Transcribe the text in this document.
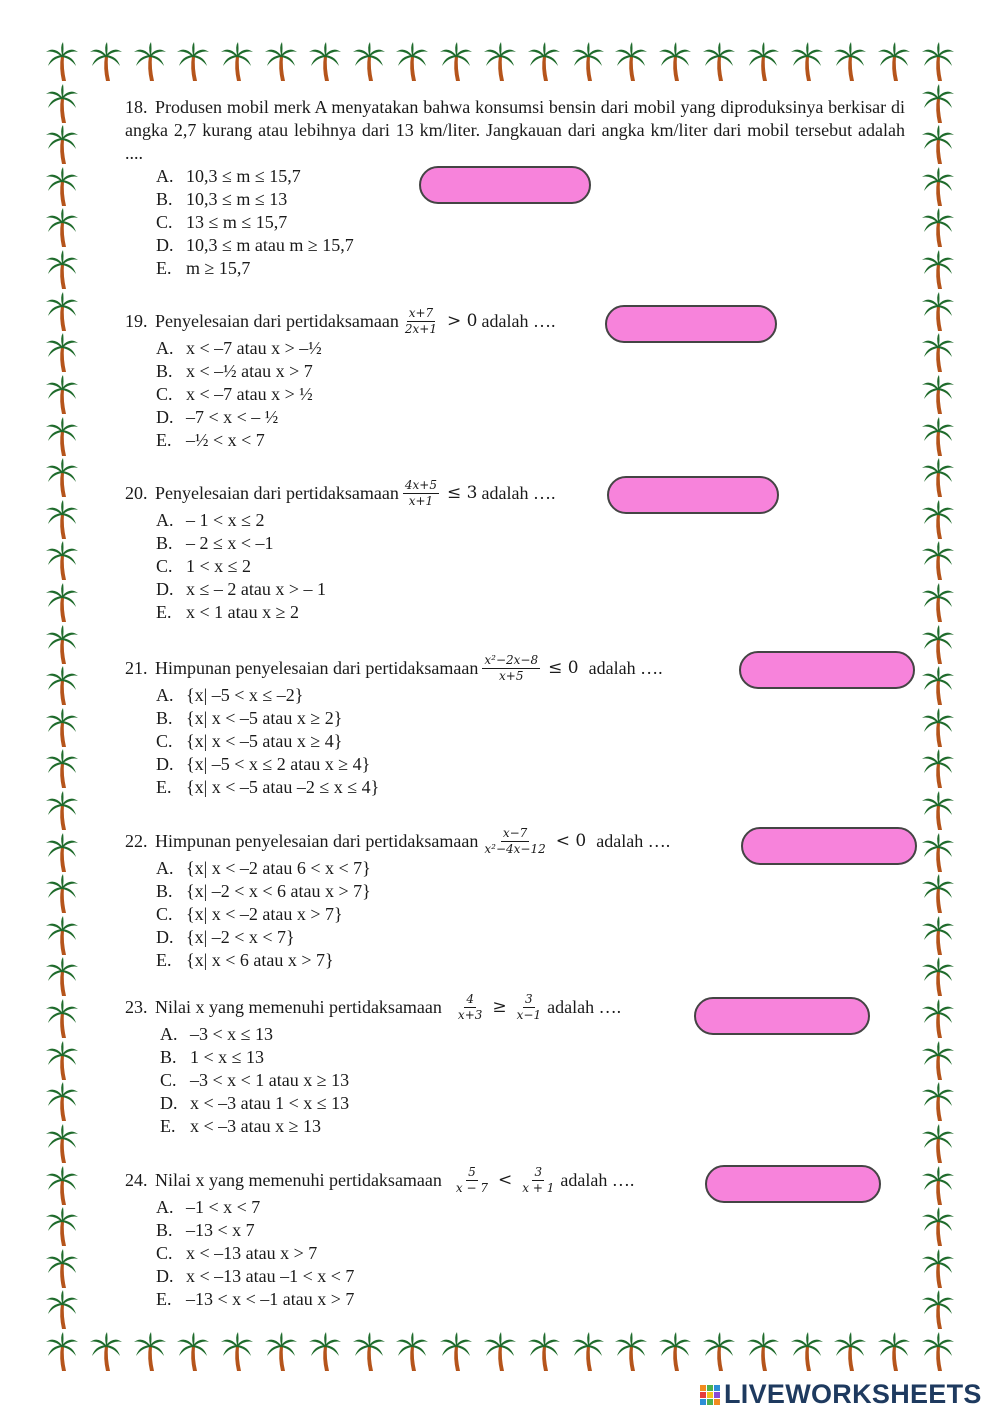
18. Produsen mobil merk A menyatakan bahwa konsumsi bensin dari mobil yang diproduksinya berkisar di angka 2,7 kurang atau lebihnya dari 13 km/liter. Jangkauan dari angka km/liter dari mobil tersebut adalah ....
A. 10,3 ≤ m ≤ 15,7
B. 10,3 ≤ m ≤ 13
C. 13 ≤ m ≤ 15,7
D. 10,3 ≤ m atau m ≥ 15,7
E. m ≥ 15,7
19. Penyelesaian dari pertidaksamaan $\frac{x+7}{2x+1} > 0$ adalah ….
A. x < –7 atau x > –½
B. x < –½ atau x > 7
C. x < –7 atau x > ½
D. –7 < x < – ½
E. –½ < x < 7
20. Penyelesaian dari pertidaksamaan $\frac{4x+5}{x+1} \le 3$ adalah ….
A. – 1 < x ≤ 2
B. – 2 ≤ x < –1
C. 1 < x ≤ 2
D. x ≤ – 2 atau x > – 1
E. x < 1 atau x ≥ 2
21. Himpunan penyelesaian dari pertidaksamaan $\frac{\text{x²−2x−8}}{x+5} \le 0$ adalah ….
A. {x| –5 < x ≤ –2}
B. {x| x < –5 atau x ≥ 2}
C. {x| x < –5 atau x ≥ 4}
D. {x| –5 < x ≤ 2 atau x ≥ 4}
E. {x| x < –5 atau –2 ≤ x ≤ 4}
22. Himpunan penyelesaian dari pertidaksamaan $\frac{x-7}{\text{x²−4x−12}} < 0$ adalah ….
A. {x| x < –2 atau 6 < x < 7}
B. {x| –2 < x < 6 atau x > 7}
C. {x| x < –2 atau x > 7}
D. {x| –2 < x < 7}
E. {x| x < 6 atau x > 7}
23. Nilai x yang memenuhi pertidaksamaan $\frac{4}{x+3} \ge \frac{3}{x-1}$ adalah ….
A. –3 < x ≤ 13
B. 1 < x ≤ 13
C. –3 < x < 1 atau x ≥ 13
D. x < –3 atau 1 < x ≤ 13
E. x < –3 atau x ≥ 13
24. Nilai x yang memenuhi pertidaksamaan $\frac{5}{x - 7} < \frac{3}{x + 1}$ adalah ….
A. –1 < x < 7
B. –13 < x 7
C. x < –13 atau x > 7
D. x < –13 atau –1 < x < 7
E. –13 < x < –1 atau x > 7
LIVEWORKSHEETS
